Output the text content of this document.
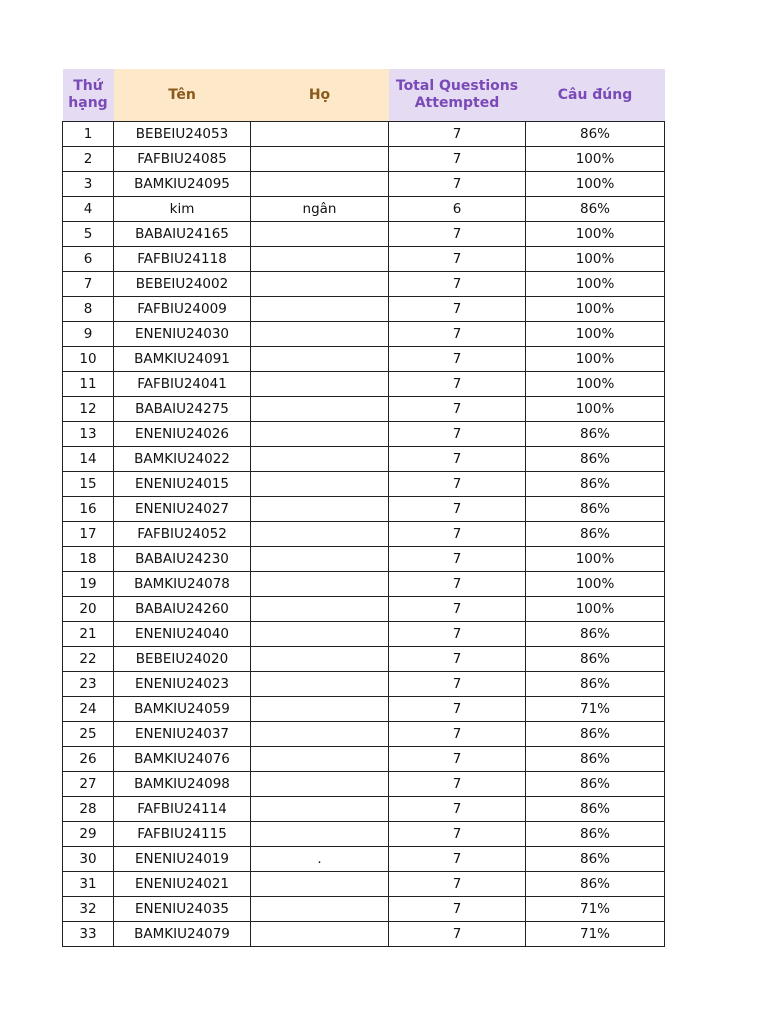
Thứ hạng	Tên	Họ	Total Questions Attempted	Câu đúng
1	BEBEIU24053		7	86%
2	FAFBIU24085		7	100%
3	BAMKIU24095		7	100%
4	kim	ngân	6	86%
5	BABAIU24165		7	100%
6	FAFBIU24118		7	100%
7	BEBEIU24002		7	100%
8	FAFBIU24009		7	100%
9	ENENIU24030		7	100%
10	BAMKIU24091		7	100%
11	FAFBIU24041		7	100%
12	BABAIU24275		7	100%
13	ENENIU24026		7	86%
14	BAMKIU24022		7	86%
15	ENENIU24015		7	86%
16	ENENIU24027		7	86%
17	FAFBIU24052		7	86%
18	BABAIU24230		7	100%
19	BAMKIU24078		7	100%
20	BABAIU24260		7	100%
21	ENENIU24040		7	86%
22	BEBEIU24020		7	86%
23	ENENIU24023		7	86%
24	BAMKIU24059		7	71%
25	ENENIU24037		7	86%
26	BAMKIU24076		7	86%
27	BAMKIU24098		7	86%
28	FAFBIU24114		7	86%
29	FAFBIU24115		7	86%
30	ENENIU24019	.	7	86%
31	ENENIU24021		7	86%
32	ENENIU24035		7	71%
33	BAMKIU24079		7	71%
